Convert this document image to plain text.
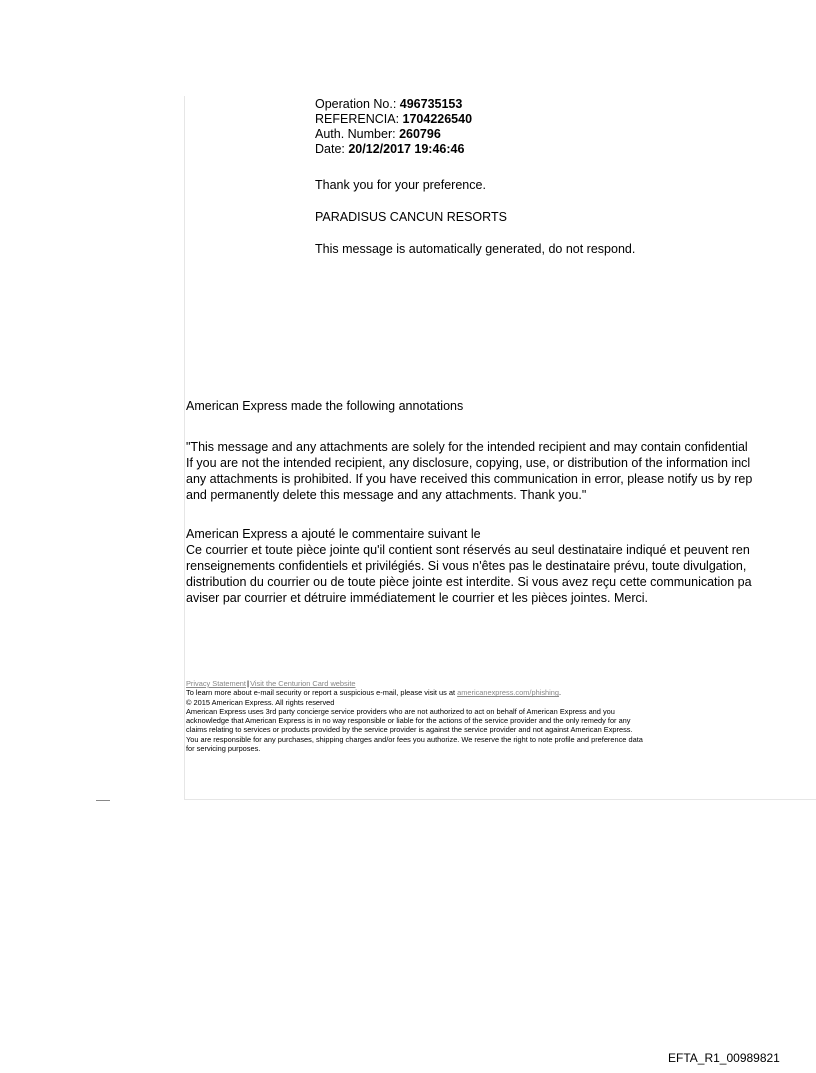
Operation No.: 496735153
REFERENCIA: 1704226540
Auth. Number: 260796
Date: 20/12/2017 19:46:46
Thank you for your preference.
PARADISUS CANCUN RESORTS
This message is automatically generated, do not respond.
American Express made the following annotations
"This message and any attachments are solely for the intended recipient and may contain confidential
If you are not the intended recipient, any disclosure, copying, use, or distribution of the information incl
any attachments is prohibited. If you have received this communication in error, please notify us by rep
and permanently delete this message and any attachments. Thank you."
American Express a ajouté le commentaire suivant le
Ce courrier et toute pièce jointe qu'il contient sont réservés au seul destinataire indiqué et peuvent ren
renseignements confidentiels et privilégiés. Si vous n'êtes pas le destinataire prévu, toute divulgation,
distribution du courrier ou de toute pièce jointe est interdite. Si vous avez reçu cette communication pa
aviser par courrier et détruire immédiatement le courrier et les pièces jointes. Merci.
Privacy Statement|Visit the Centurion Card website
To learn more about e-mail security or report a suspicious e-mail, please visit us at americanexpress.com/phishing.
© 2015 American Express. All rights reserved
American Express uses 3rd party concierge service providers who are not authorized to act on behalf of American Express and you
acknowledge that American Express is in no way responsible or liable for the actions of the service provider and the only remedy for any
claims relating to services or products provided by the service provider is against the service provider and not against American Express.
You are responsible for any purchases, shipping charges and/or fees you authorize. We reserve the right to note profile and preference data
for servicing purposes.
EFTA_R1_00989821
